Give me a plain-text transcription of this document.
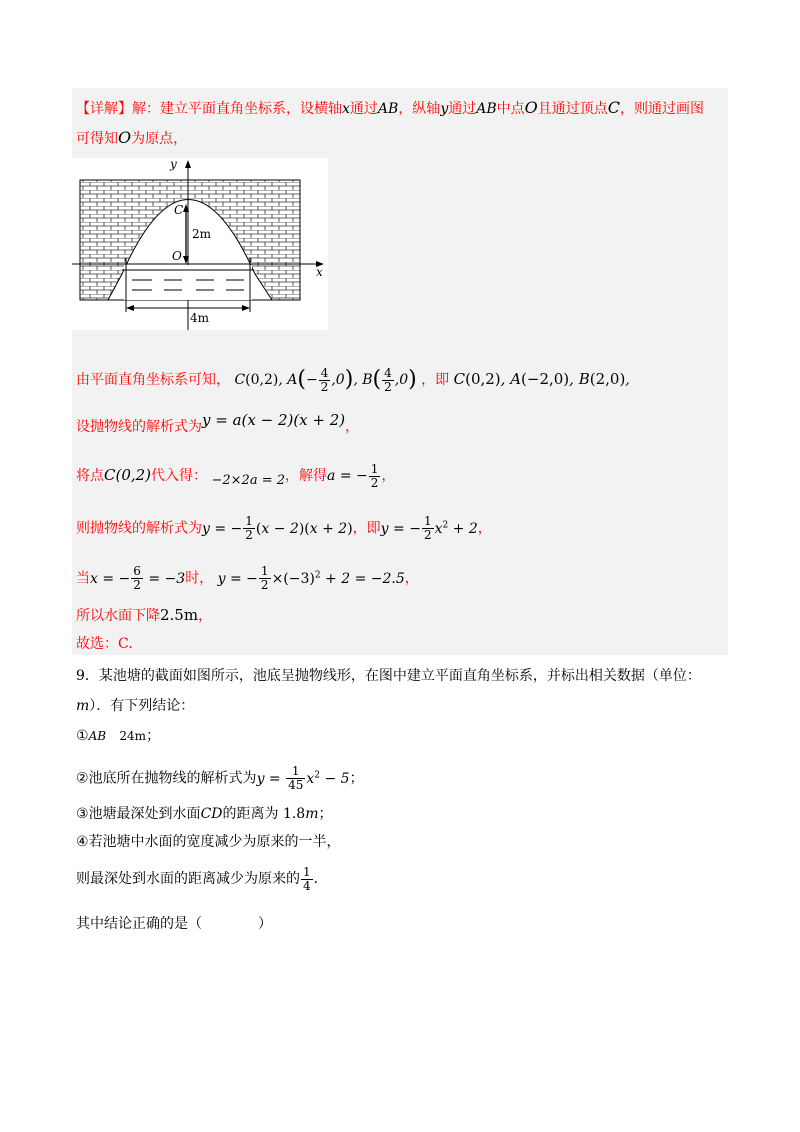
【详解】解：建立平面直角坐标系，设横轴x通过AB，纵轴y通过AB中点O且通过顶点C，则通过画图
可得知O为原点，
x
y
C
O
2m
4m
由平面直角坐标系可知， C(0,2), $A(- \frac{4}{2} ,0)$, $B( \frac{4}{2} ,0)$ ，即 C(0,2), A(−2,0), B(2,0),
设抛物线的解析式为y = a(x − 2)(x + 2)，
将点C(0,2)代入得： −2×2a = 2，解得a = − $\frac{1}{2}$ ，
则抛物线的解析式为y = − $\frac{1}{2} (x - 2)(x + 2)$，即y = − $\frac{1}{2} x^2 + 2$，
当x = − $\frac{6}{2} = -3$时， y = − $\frac{1}{2} \times(-3)^2 + 2 = -2.5$，
所以水面下降2.5m，
故选：C.
9．某池塘的截面如图所示，池底呈抛物线形，在图中建立平面直角坐标系，并标出相关数据（单位：
m）．有下列结论：
①AB 24m；
②池底所在抛物线的解析式为$y = \frac{1}{45} x^2 - 5$；
③池塘最深处到水面CD的距离为 1.8m；
④若池塘中水面的宽度减少为原来的一半，
则最深处到水面的距离减少为原来的 $\frac{1}{4}$ ．
其中结论正确的是（　　　　）
